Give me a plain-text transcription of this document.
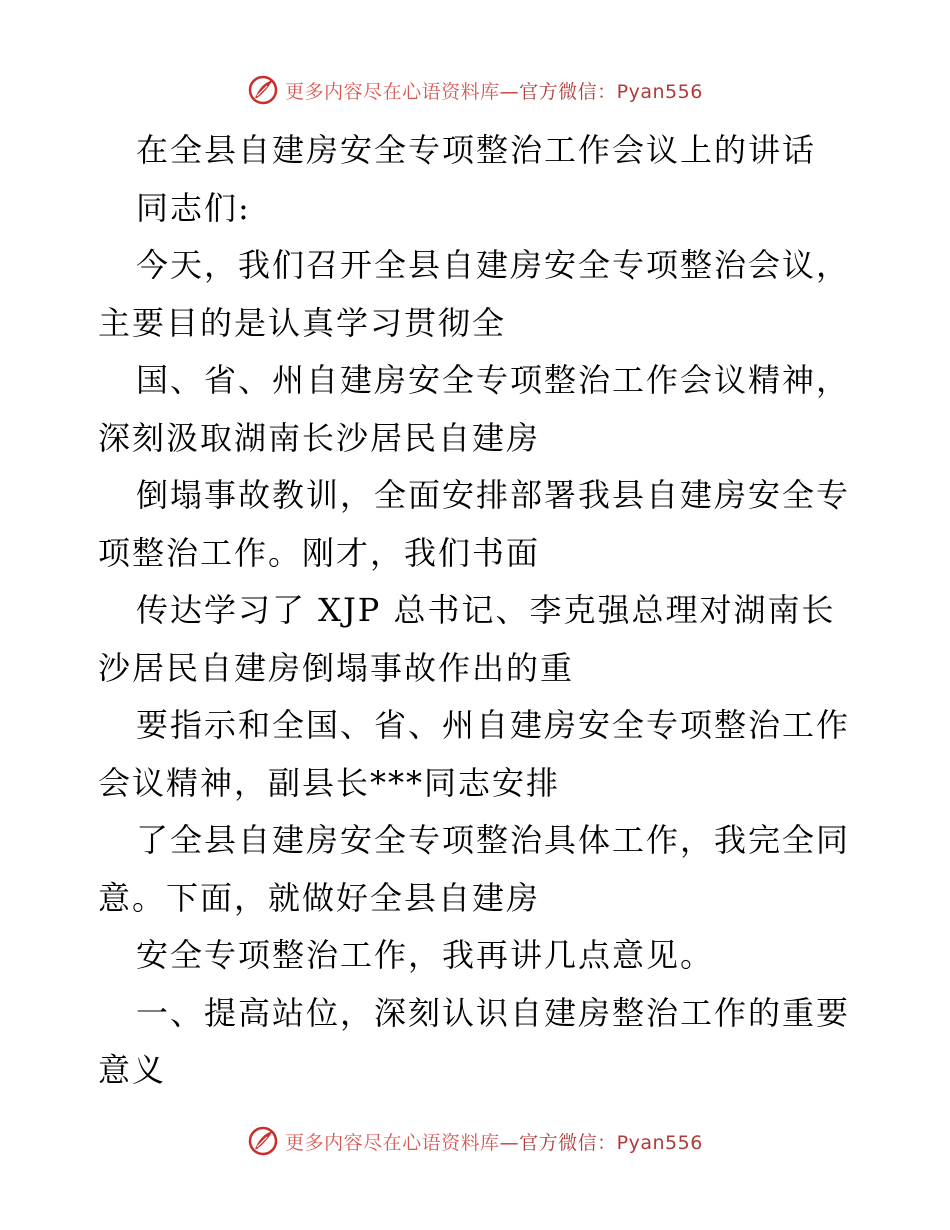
更多内容尽在心语资料库—官方微信：Pyan556
在全县自建房安全专项整治工作会议上的讲话
同志们:
今天，我们召开全县自建房安全专项整治会议，
主要目的是认真学习贯彻全
国、省、州自建房安全专项整治工作会议精神，
深刻汲取湖南长沙居民自建房
倒塌事故教训，全面安排部署我县自建房安全专
项整治工作。刚才，我们书面
传达学习了 XJP 总书记、李克强总理对湖南长
沙居民自建房倒塌事故作出的重
要指示和全国、省、州自建房安全专项整治工作
会议精神，副县长***同志安排
了全县自建房安全专项整治具体工作，我完全同
意。下面，就做好全县自建房
安全专项整治工作，我再讲几点意见。
一、提高站位，深刻认识自建房整治工作的重要
意义
更多内容尽在心语资料库—官方微信：Pyan556
